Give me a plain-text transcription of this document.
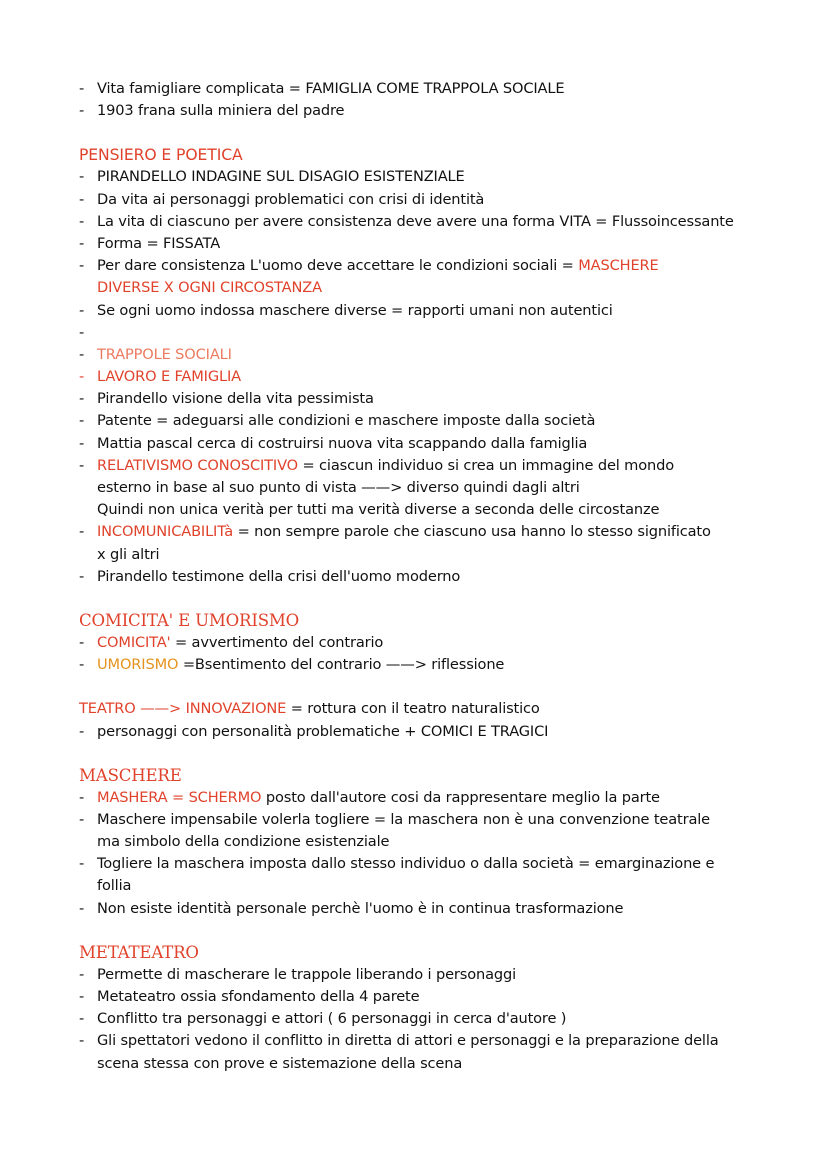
- Vita famigliare complicata = FAMIGLIA COME TRAPPOLA SOCIALE
- 1903 frana sulla miniera del padre
PENSIERO E POETICA
- PIRANDELLO INDAGINE SUL DISAGIO ESISTENZIALE
- Da vita ai personaggi problematici con crisi di identità
- La vita di ciascuno per avere consistenza deve avere una forma VITA = Flussoincessante
- Forma = FISSATA
- Per dare consistenza L'uomo deve accettare le condizioni sociali = MASCHERE
DIVERSE X OGNI CIRCOSTANZA
- Se ogni uomo indossa maschere diverse = rapporti umani non autentici
-
- TRAPPOLE SOCIALI
- LAVORO E FAMIGLIA
- Pirandello visione della vita pessimista
- Patente = adeguarsi alle condizioni e maschere imposte dalla società
- Mattia pascal cerca di costruirsi nuova vita scappando dalla famiglia
- RELATIVISMO CONOSCITIVO = ciascun individuo si crea un immagine del mondo
esterno in base al suo punto di vista ——> diverso quindi dagli altri
Quindi non unica verità per tutti ma verità diverse a seconda delle circostanze
- INCOMUNICABILITà = non sempre parole che ciascuno usa hanno lo stesso significato
x gli altri
- Pirandello testimone della crisi dell'uomo moderno
COMICITA' E UMORISMO
- COMICITA' = avvertimento del contrario
- UMORISMO =Bsentimento del contrario ——> riflessione
TEATRO ——> INNOVAZIONE = rottura con il teatro naturalistico
- personaggi con personalità problematiche + COMICI E TRAGICI
MASCHERE
- MASHERA = SCHERMO posto dall'autore cosi da rappresentare meglio la parte
- Maschere impensabile volerla togliere = la maschera non è una convenzione teatrale
ma simbolo della condizione esistenziale
- Togliere la maschera imposta dallo stesso individuo o dalla società = emarginazione e
follia
- Non esiste identità personale perchè l'uomo è in continua trasformazione
METATEATRO
- Permette di mascherare le trappole liberando i personaggi
- Metateatro ossia sfondamento della 4 parete
- Conflitto tra personaggi e attori ( 6 personaggi in cerca d'autore )
- Gli spettatori vedono il conflitto in diretta di attori e personaggi e la preparazione della
scena stessa con prove e sistemazione della scena
